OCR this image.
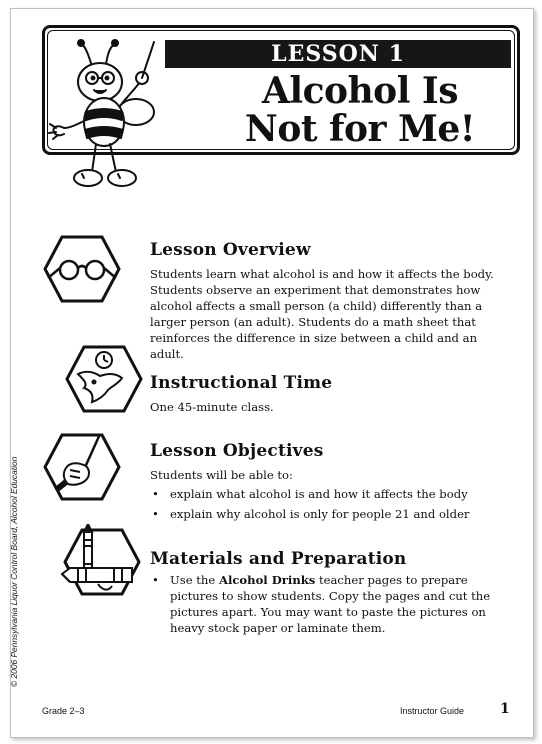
LESSON 1
Alcohol Is
Not for Me!
Lesson Overview
Students learn what alcohol is and how it affects the body. Students observe an experiment that demonstrates how alcohol affects a small person (a child) differently than a larger person (an adult). Students do a math sheet that reinforces the difference in size between a child and an adult.
Instructional Time
One 45-minute class.
Lesson Objectives
Students will be able to:
• explain what alcohol is and how it affects the body
• explain why alcohol is only for people 21 and older
Materials and Preparation
• Use the Alcohol Drinks teacher pages to prepare pictures to show students. Copy the pages and cut the pictures apart. You may want to paste the pictures on heavy stock paper or laminate them.
© 2006 Pennsylvania Liquor Control Board, Alcohol Education
Grade 2–3	Instructor Guide	1
